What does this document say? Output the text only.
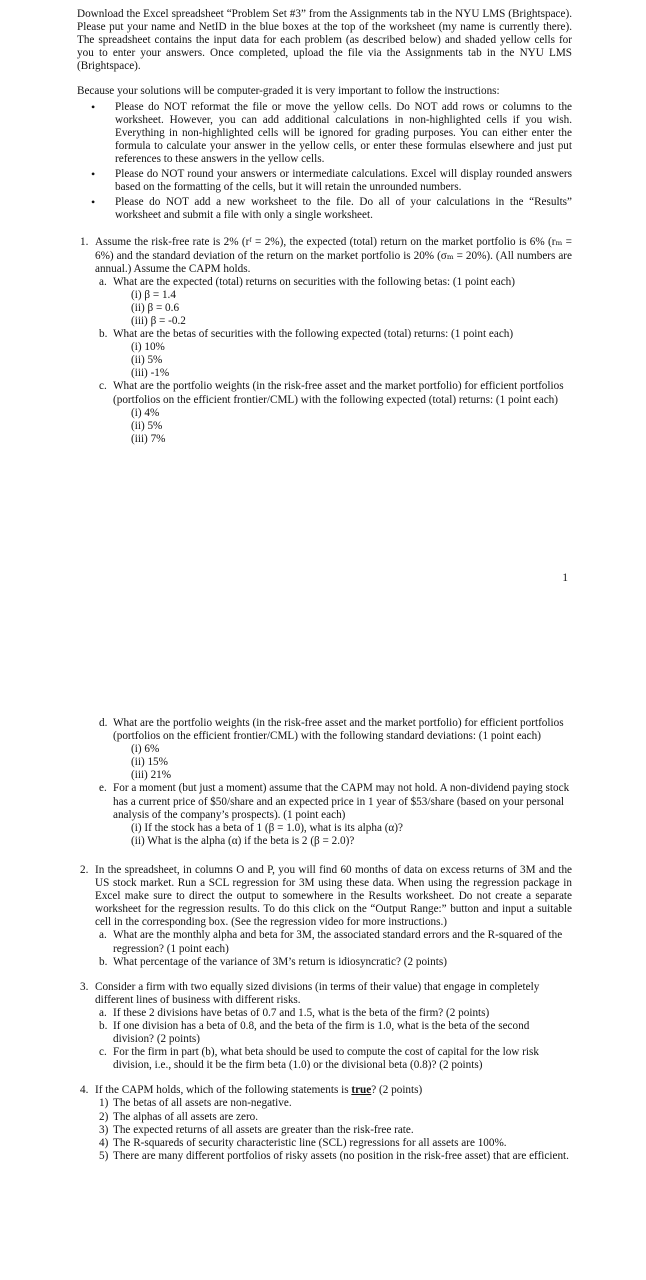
Download the Excel spreadsheet “Problem Set #3” from the Assignments tab in the NYU LMS (Brightspace). Please put your name and NetID in the blue boxes at the top of the worksheet (my name is currently there). The spreadsheet contains the input data for each problem (as described below) and shaded yellow cells for you to enter your answers. Once completed, upload the file via the Assignments tab in the NYU LMS (Brightspace).

Because your solutions will be computer-graded it is very important to follow the instructions:

• Please do NOT reformat the file or move the yellow cells. Do NOT add rows or columns to the worksheet. However, you can add additional calculations in non-highlighted cells if you wish. Everything in non-highlighted cells will be ignored for grading purposes. You can either enter the formula to calculate your answer in the yellow cells, or enter these formulas elsewhere and just put references to these answers in the yellow cells.
• Please do NOT round your answers or intermediate calculations. Excel will display rounded answers based on the formatting of the cells, but it will retain the unrounded numbers.
• Please do NOT add a new worksheet to the file. Do all of your calculations in the “Results” worksheet and submit a file with only a single worksheet.
1. Assume the risk-free rate is 2% (rᶠ = 2%), the expected (total) return on the market portfolio is 6% (rₘ = 6%) and the standard deviation of the return on the market portfolio is 20% (σₘ = 20%). (All numbers are annual.) Assume the CAPM holds.

a. What are the expected (total) returns on securities with the following betas: (1 point each)

(i) β = 1.4

(ii) β = 0.6

(iii) β = -0.2

b. What are the betas of securities with the following expected (total) returns: (1 point each)

(i) 10%

(ii) 5%

(iii) -1%

c. What are the portfolio weights (in the risk-free asset and the market portfolio) for efficient portfolios (portfolios on the efficient frontier/CML) with the following expected (total) returns: (1 point each)

(i) 4%

(ii) 5%

(iii) 7%

1
d. What are the portfolio weights (in the risk-free asset and the market portfolio) for efficient portfolios (portfolios on the efficient frontier/CML) with the following standard deviations: (1 point each)

(i) 6%

(ii) 15%

(iii) 21%

e. For a moment (but just a moment) assume that the CAPM may not hold. A non-dividend paying stock has a current price of $50/share and an expected price in 1 year of $53/share (based on your personal analysis of the company’s prospects). (1 point each)

(i) If the stock has a beta of 1 (β = 1.0), what is its alpha (α)?

(ii) What is the alpha (α) if the beta is 2 (β = 2.0)?

2. In the spreadsheet, in columns O and P, you will find 60 months of data on excess returns of 3M and the US stock market. Run a SCL regression for 3M using these data. When using the regression package in Excel make sure to direct the output to somewhere in the Results worksheet. Do not create a separate worksheet for the regression results. To do this click on the “Output Range:” button and input a suitable cell in the corresponding box. (See the regression video for more instructions.)

a. What are the monthly alpha and beta for 3M, the associated standard errors and the R-squared of the regression? (1 point each)

b. What percentage of the variance of 3M’s return is idiosyncratic? (2 points)

3. Consider a firm with two equally sized divisions (in terms of their value) that engage in completely different lines of business with different risks.

a. If these 2 divisions have betas of 0.7 and 1.5, what is the beta of the firm? (2 points)

b. If one division has a beta of 0.8, and the beta of the firm is 1.0, what is the beta of the second division? (2 points)

c. For the firm in part (b), what beta should be used to compute the cost of capital for the low risk division, i.e., should it be the firm beta (1.0) or the divisional beta (0.8)? (2 points)

4. If the CAPM holds, which of the following statements is true? (2 points)

1) The betas of all assets are non-negative.

2) The alphas of all assets are zero.

3) The expected returns of all assets are greater than the risk-free rate.

4) The R-squareds of security characteristic line (SCL) regressions for all assets are 100%.

5) There are many different portfolios of risky assets (no position in the risk-free asset) that are efficient.
